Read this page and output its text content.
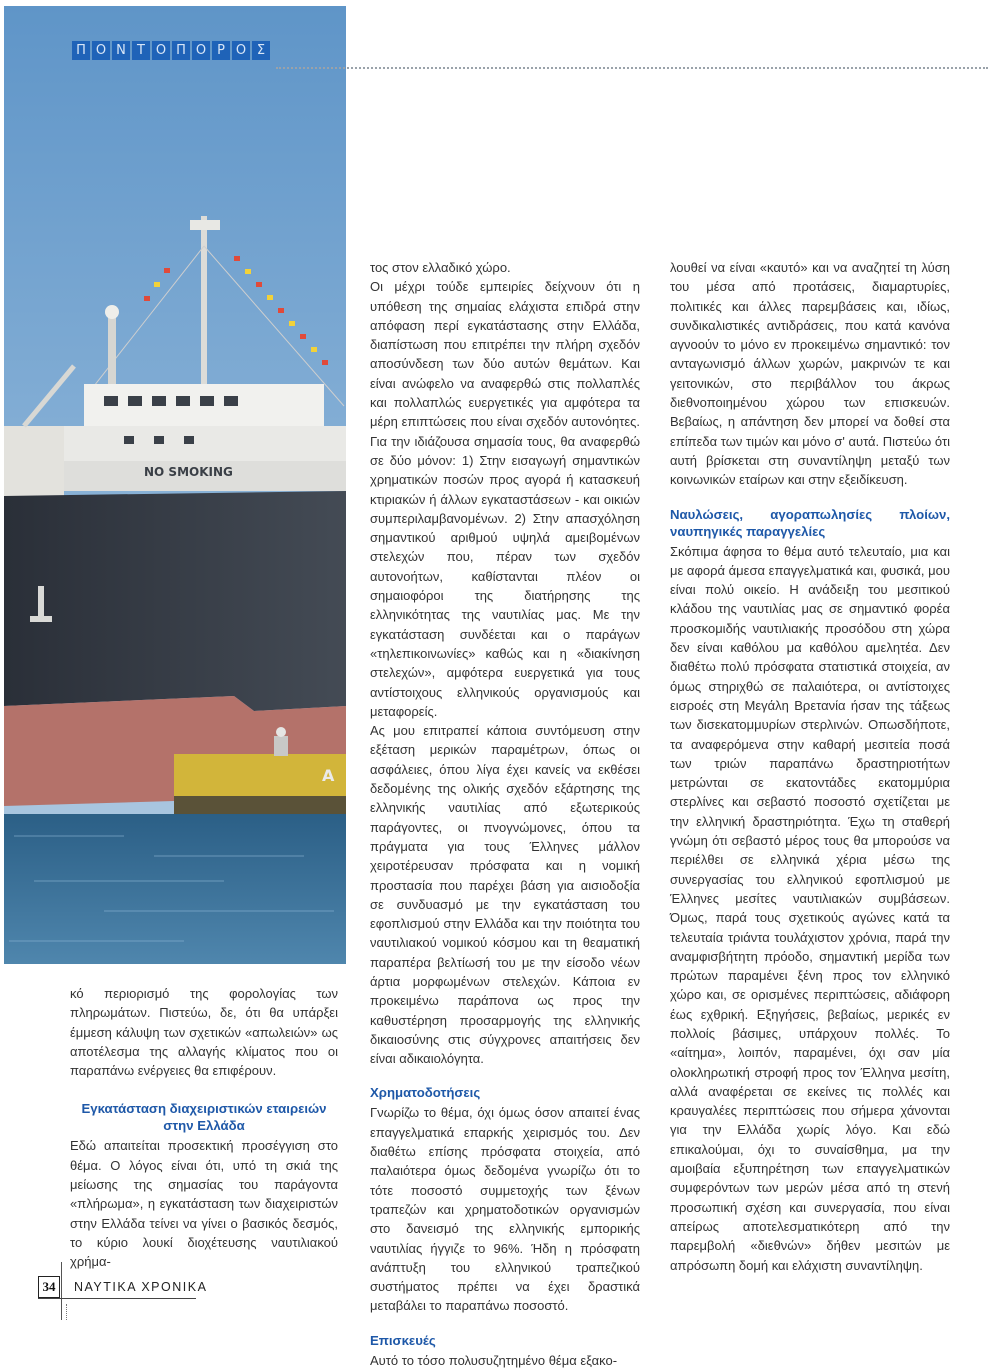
NO SMOKING
A
Π Ο Ν Τ Ο Π Ο Ρ Ο Σ

κό περιορισμό της φορολογίας των πληρωμάτων. Πιστεύω, δε, ότι θα υπάρξει έμμεση κάλυψη των σχετικών «απωλειών» ως αποτέλεσμα της αλλαγής κλίματος που οι παραπάνω ενέργειες θα επιφέρουν.

Εγκατάσταση διαχειριστικών εταιρειών στην Ελλάδα

Εδώ απαιτείται προσεκτική προσέγγιση στο θέμα. Ο λόγος είναι ότι, υπό τη σκιά της μείωσης της σημασίας του παράγοντα «πλήρωμα», η εγκατάσταση των διαχειριστών στην Ελλάδα τείνει να γίνει ο βασικός δεσμός, το κύριο λουκί διοχέτευσης ναυτιλιακού χρήμα-

τος στον ελλαδικό χώρο.

Οι μέχρι τούδε εμπειρίες δείχνουν ότι η υπόθεση της σημαίας ελάχιστα επιδρά στην απόφαση περί εγκατάστασης στην Ελλάδα, διαπίστωση που επιτρέπει την πλήρη σχεδόν αποσύνδεση των δύο αυτών θεμάτων. Και είναι ανώφελο να αναφερθώ στις πολλαπλές και πολλαπλώς ευεργετικές για αμφότερα τα μέρη επιπτώσεις που είναι σχεδόν αυτονόητες. Για την ιδιάζουσα σημασία τους, θα αναφερθώ σε δύο μόνον: 1) Στην εισαγωγή σημαντικών χρηματικών ποσών προς αγορά ή κατασκευή κτιριακών ή άλλων εγκαταστάσεων - και οικιών συμπεριλαμβανομένων. 2) Στην απασχόληση σημαντικού αριθμού υψηλά αμειβομένων στελεχών που, πέραν των σχεδόν αυτονοήτων, καθίστανται πλέον οι σημαιοφόροι της διατήρησης της ελληνικότητας της ναυτιλίας μας. Με την εγκατάσταση συνδέεται και ο παράγων «τηλεπικοινωνίες» καθώς και η «διακίνηση στελεχών», αμφότερα ευεργετικά για τους αντίστοιχους ελληνικούς οργανισμούς και μεταφορείς.

Ας μου επιτραπεί κάποια συντόμευση στην εξέταση μερικών παραμέτρων, όπως οι ασφάλειες, όπου λίγα έχει κανείς να εκθέσει δεδομένης της ολικής σχεδόν εξάρτησης της ελληνικής ναυτιλίας από εξωτερικούς παράγοντες, οι πνογνώμονες, όπου τα πράγματα για τους Έλληνες μάλλον χειροτέρευσαν πρόσφατα και η νομική προστασία που παρέχει βάση για αισιοδοξία σε συνδυασμό με την εγκατάσταση του εφοπλισμού στην Ελλάδα και την ποιότητα του ναυτιλιακού νομικού κόσμου και τη θεαματική παραπέρα βελτίωσή του με την είσοδο νέων άρτια μορφωμένων στελεχών. Κάποια εν προκειμένω παράπονα ως προς την καθυστέρηση προσαρμογής της ελληνικής δικαιοσύνης στις σύγχρονες απαιτήσεις δεν είναι αδικαιολόγητα.

Χρηματοδοτήσεις

Γνωρίζω το θέμα, όχι όμως όσον απαιτεί ένας επαγγελματικά επαρκής χειρισμός του. Δεν διαθέτω επίσης πρόσφατα στοιχεία, από παλαιότερα όμως δεδομένα γνωρίζω ότι το τότε ποσοστό συμμετοχής των ξένων τραπεζών και χρηματοδοτικών οργανισμών στο δανεισμό της ελληνικής εμπορικής ναυτιλίας ήγγιζε το 96%. Ήδη η πρόσφατη ανάπτυξη του ελληνικού τραπεζικού συστήματος πρέπει να έχει δραστικά μεταβάλει το παραπάνω ποσοστό.

Επισκευές

Αυτό το τόσο πολυσυζητημένο θέμα εξακο-

λουθεί να είναι «καυτό» και να αναζητεί τη λύση του μέσα από προτάσεις, διαμαρτυρίες, πολιτικές και άλλες παρεμβάσεις και, ιδίως, συνδικαλιστικές αντιδράσεις, που κατά κανόνα αγνοούν το μόνο εν προκειμένω σημαντικό: τον ανταγωνισμό άλλων χωρών, μακρινών τε και γειτονικών, στο περιβάλλον του άκρως διεθνοποιημένου χώρου των επισκευών. Βεβαίως, η απάντηση δεν μπορεί να δοθεί στα επίπεδα των τιμών και μόνο σ' αυτά. Πιστεύω ότι αυτή βρίσκεται στη συναντίληψη μεταξύ των κοινωνικών εταίρων και στην εξειδίκευση.

Ναυλώσεις, αγοραπωλησίες πλοίων, ναυπηγικές παραγγελίες

Σκόπιμα άφησα το θέμα αυτό τελευταίο, μια και με αφορά άμεσα επαγγελματικά και, φυσικά, μου είναι πολύ οικείο. Η ανάδειξη του μεσιτικού κλάδου της ναυτιλίας μας σε σημαντικό φορέα προσκομιδής ναυτιλιακής προσόδου στη χώρα δεν είναι καθόλου μα καθόλου αμελητέα. Δεν διαθέτω πολύ πρόσφατα στατιστικά στοιχεία, αν όμως στηριχθώ σε παλαιότερα, οι αντίστοιχες εισροές στη Μεγάλη Βρετανία ήσαν της τάξεως των δισεκατομμυρίων στερλινών. Οπωσδήποτε, τα αναφερόμενα στην καθαρή μεσιτεία ποσά των τριών παραπάνω δραστηριοτήτων μετρώνται σε εκατοντάδες εκατομμύρια στερλίνες και σεβαστό ποσοστό σχετίζεται με την ελληνική δραστηριότητα. Έχω τη σταθερή γνώμη ότι σεβαστό μέρος τους θα μπορούσε να περιέλθει σε ελληνικά χέρια μέσω της συνεργασίας του ελληνικού εφοπλισμού με Έλληνες μεσίτες ναυτιλιακών συμβάσεων. Όμως, παρά τους σχετικούς αγώνες κατά τα τελευταία τριάντα τουλάχιστον χρόνια, παρά την αναμφισβήτητη πρόοδο, σημαντική μερίδα των πρώτων παραμένει ξένη προς τον ελληνικό χώρο και, σε ορισμένες περιπτώσεις, αδιάφορη έως εχθρική. Εξηγήσεις, βεβαίως, μερικές εν πολλοίς βάσιμες, υπάρχουν πολλές. Το «αίτημα», λοιπόν, παραμένει, όχι σαν μία ολοκληρωτική στροφή προς τον Έλληνα μεσίτη, αλλά αναφέρεται σε εκείνες τις πολλές και κραυγαλέες περιπτώσεις που σήμερα χάνονται για την Ελλάδα χωρίς λόγο. Και εδώ επικαλούμαι, όχι το συναίσθημα, μα την αμοιβαία εξυπηρέτηση των επαγγελματικών συμφερόντων των μερών μέσα από τη στενή προσωπική σχέση και συνεργασία, που είναι απείρως αποτελεσματικότερη από την παρεμβολή «διεθνών» δήθεν μεσιτών με απρόσωπη δομή και ελάχιστη συναντίληψη.

34	ΝΑΥΤΙΚΑ ΧΡΟΝΙΚΑ
